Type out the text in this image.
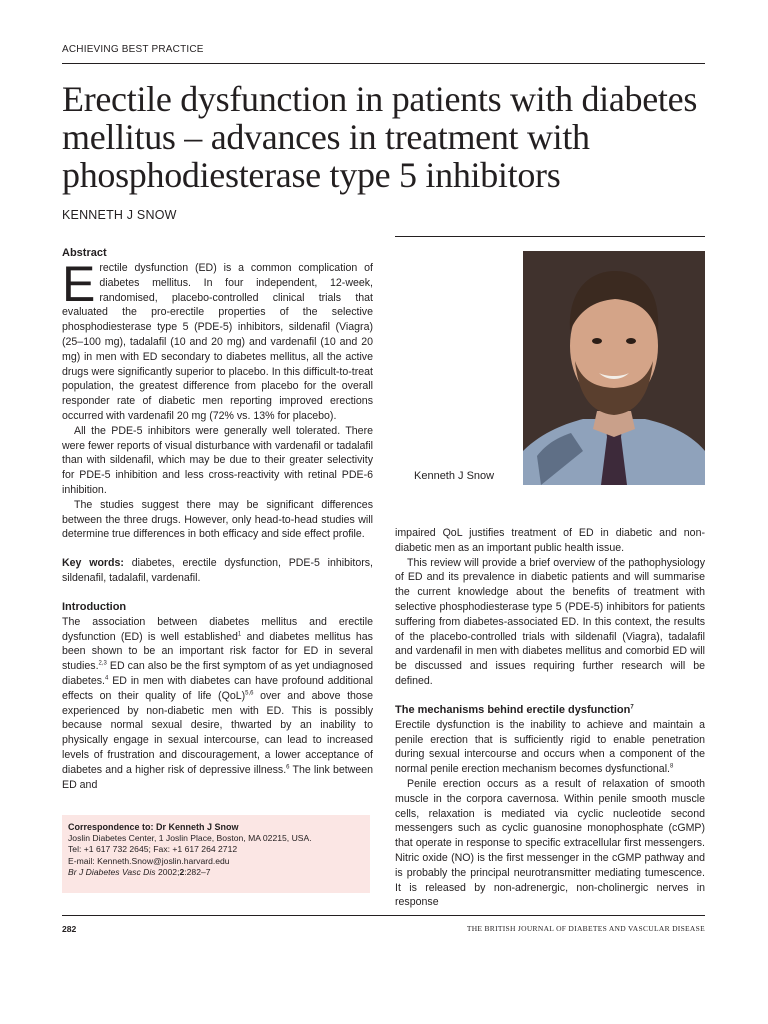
ACHIEVING BEST PRACTICE
Erectile dysfunction in patients with diabetes mellitus – advances in treatment with phosphodiesterase type 5 inhibitors
KENNETH J SNOW
Abstract

Erectile dysfunction (ED) is a common complication of diabetes mellitus. In four independent, 12-week, randomised, placebo-controlled clinical trials that evaluated the pro-erectile properties of the selective phosphodiesterase type 5 (PDE-5) inhibitors, sildenafil (Viagra) (25–100 mg), tadalafil (10 and 20 mg) and vardenafil (10 and 20 mg) in men with ED secondary to diabetes mellitus, all the active drugs were significantly superior to placebo. In this difficult-to-treat population, the greatest difference from placebo for the overall responder rate of diabetic men reporting improved erections occurred with vardenafil 20 mg (72% vs. 13% for placebo).

All the PDE-5 inhibitors were generally well tolerated. There were fewer reports of visual disturbance with vardenafil or tadalafil than with sildenafil, which may be due to their greater selectivity for PDE-5 inhibition and less cross-reactivity with retinal PDE-6 inhibition.

The studies suggest there may be significant differences between the three drugs. However, only head-to-head studies will determine true differences in both efficacy and side effect profile.

Key words: diabetes, erectile dysfunction, PDE-5 inhibitors, sildenafil, tadalafil, vardenafil.

Introduction

The association between diabetes mellitus and erectile dysfunction (ED) is well established$^1$ and diabetes mellitus has been shown to be an important risk factor for ED in several studies.$^{2,3}$ ED can also be the first symptom of as yet undiagnosed diabetes.$^4$ ED in men with diabetes can have profound additional effects on their quality of life (QoL)$^{5,6}$ over and above those experienced by non-diabetic men with ED. This is possibly because normal sexual desire, thwarted by an inability to physically engage in sexual intercourse, can lead to increased levels of frustration and discouragement, a lower acceptance of diabetes and a higher risk of depressive illness.$^6$ The link between ED and

Correspondence to: Dr Kenneth J Snow
Joslin Diabetes Center, 1 Joslin Place, Boston, MA 02215, USA.
Tel: +1 617 732 2645; Fax: +1 617 264 2712
E-mail: Kenneth.Snow@joslin.harvard.edu
Br J Diabetes Vasc Dis 2002;2:282–7
Kenneth J Snow

impaired QoL justifies treatment of ED in diabetic and non-diabetic men as an important public health issue.

This review will provide a brief overview of the pathophysiology of ED and its prevalence in diabetic patients and will summarise the current knowledge about the benefits of treatment with selective phosphodiesterase type 5 (PDE-5) inhibitors for patients suffering from diabetes-associated ED. In this context, the results of the placebo-controlled trials with sildenafil (Viagra), tadalafil and vardenafil in men with diabetes mellitus and comorbid ED will be discussed and issues requiring further research will be defined.

The mechanisms behind erectile dysfunction$^7$

Erectile dysfunction is the inability to achieve and maintain a penile erection that is sufficiently rigid to enable penetration during sexual intercourse and occurs when a component of the normal penile erection mechanism becomes dysfunctional.$^8$

Penile erection occurs as a result of relaxation of smooth muscle in the corpora cavernosa. Within penile smooth muscle cells, relaxation is mediated via cyclic nucleotide second messengers such as cyclic guanosine monophosphate (cGMP) that operate in response to specific extracellular first messengers. Nitric oxide (NO) is the first messenger in the cGMP pathway and is probably the principal neurotransmitter mediating tumescence. It is released by non-adrenergic, non-cholinergic nerves in response

282	THE BRITISH JOURNAL OF DIABETES AND VASCULAR DISEASE
